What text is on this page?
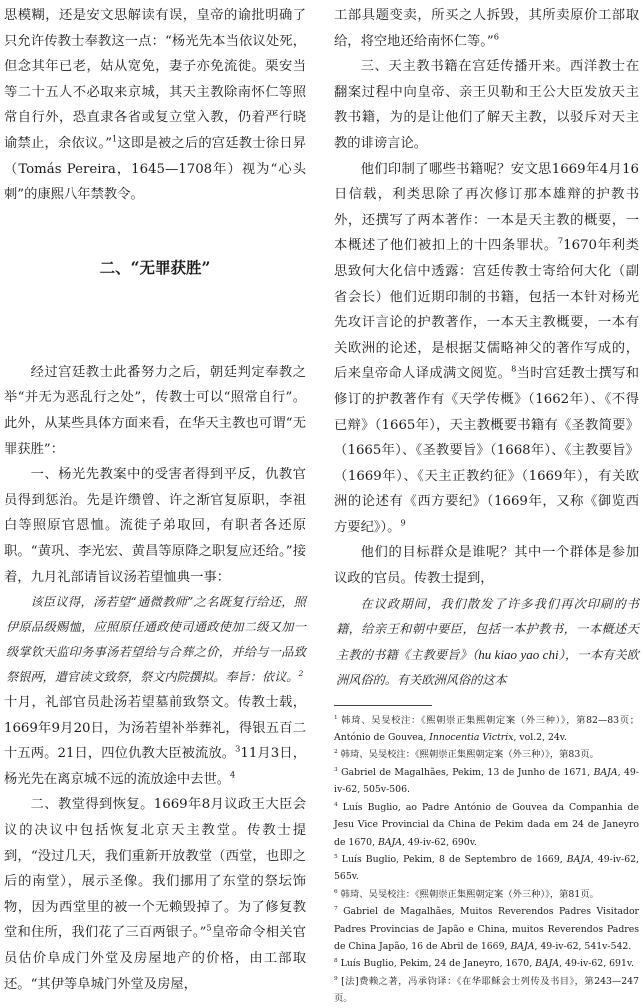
思模糊，还是安文思解读有误，皇帝的谕批明确了只允许传教士奉教这一点：“杨光先本当依议处死，但念其年已老，姑从宽免，妻子亦免流徙。栗安当等二十五人不必取来京城，其天主教除南怀仁等照常自行外，恐直隶各省或复立堂入教，仍着严行晓谕禁止，余依议。”$^1$这即是被之后的宫廷教士徐日昇（Tomás Pereira，1645—1708年）视为“心头刺”的康熙八年禁教令。

二、“无罪获胜”

经过宫廷教士此番努力之后，朝廷判定奉教之举“并无为恶乱行之处”，传教士可以“照常自行”。此外，从某些具体方面来看，在华天主教也可谓“无罪获胜”：

一、杨光先教案中的受害者得到平反，仇教官员得到惩治。先是许缵曾、许之渐官复原职，李祖白等照原官恩恤。流徙子弟取回，有职者各还原职。“黄巩、李光宏、黄昌等原降之职复应还给。”接着，九月礼部请旨议汤若望恤典一事：

该臣议得，汤若望“通微教师”之名既复行给还，照伊原品级赐恤，应照原任通政使司通政使加二级又加一级掌钦天监印务事汤若望给与合葬之价，并给与一品致祭银两，遣官读文致祭，祭文内院撰拟。奉旨：依议。$^2$

十月，礼部官员赴汤若望墓前致祭文。传教士载，1669年9月20日，为汤若望补举葬礼，得银五百二十五两。21日，四位仇教大臣被流放。$^3$11月3日，杨光先在离京城不远的流放途中去世。$^4$

二、教堂得到恢复。1669年8月议政王大臣会议的决议中包括恢复北京天主教堂。传教士提到，“没过几天，我们重新开放教堂（西堂，也即之后的南堂），展示圣像。我们挪用了东堂的祭坛饰物，因为西堂里的被一个无赖毁掉了。为了修复教堂和住所，我们花了三百两银子。”$^5$皇帝命令相关官员估价阜成门外堂及房屋地产的价格，由工部取还。“其伊等阜城门外堂及房屋，

工部具题变卖，所买之人拆毁，其所卖原价工部取给，将空地还给南怀仁等。”$^6$

三、天主教书籍在宫廷传播开来。西洋教士在翻案过程中向皇帝、亲王贝勒和王公大臣发放天主教书籍，为的是让他们了解天主教，以驳斥对天主教的诽谤言论。

他们印制了哪些书籍呢？安文思1669年4月16日信载，利类思除了再次修订那本雄辩的护教书外，还撰写了两本著作：一本是天主教的概要，一本概述了他们被扣上的十四条罪状。$^7$1670年利类思致何大化信中透露：宫廷传教士寄给何大化（副省会长）他们近期印制的书籍，包括一本针对杨光先攻讦言论的护教著作，一本天主教概要，一本有关欧洲的论述，是根据艾儒略神父的著作写成的，后来皇帝命人译成满文阅览。$^8$当时宫廷教士撰写和修订的护教著作有《天学传概》（1662年）、《不得已辩》（1665年），天主教概要书籍有《圣教简要》（1665年）、《圣教要旨》（1668年）、《主教要旨》（1669年）、《天主正教约征》（1669年），有关欧洲的论述有《西方要纪》（1669年，又称《御览西方要纪》）。$^9$

他们的目标群众是谁呢？其中一个群体是参加议政的官员。传教士提到，

在议政期间，我们散发了许多我们再次印刷的书籍，给亲王和朝中要臣，包括一本护教书，一本概述天主教的书籍《主教要旨》（hu kiao yao chi），一本有关欧洲风俗的。有关欧洲风俗的这本

$^1$ 韩琦、吴旻校注：《熙朝崇正集熙朝定案（外三种）》，第82—83页；António de Gouvea, Innocentia Victrix, vol.2, 24v.

$^2$ 韩琦、吴旻校注：《熙朝崇正集熙朝定案（外三种）》，第83页。

$^3$ Gabriel de Magalhães, Pekim, 13 de Junho de 1671, BAJA, 49-iv-62, 505v-506.

$^4$ Luís Buglio, ao Padre António de Gouvea da Companhia de Jesu Vice Provincial da China de Pekim dada em 24 de Janeyro de 1670, BAJA, 49-iv-62, 690v.

$^5$ Luís Buglio, Pekim, 8 de Septembro de 1669, BAJA, 49-iv-62, 565v.

$^6$ 韩琦、吴旻校注：《熙朝崇正集熙朝定案（外三种）》，第81页。

$^7$ Gabriel de Magalhães, Muitos Reverendos Padres Visitador Padres Provincias de Japão e China, muitos Reverendos Padres de China Japão, 16 de Abril de 1669, BAJA, 49-iv-62, 541v-542.

$^8$ Luís Buglio, Pekim, 24 de Janeyro, 1670, BAJA, 49-iv-62, 691v.

$^9$ [法]费赖之著，冯承钧译：《在华耶稣会士列传及书目》，第243—247页。
